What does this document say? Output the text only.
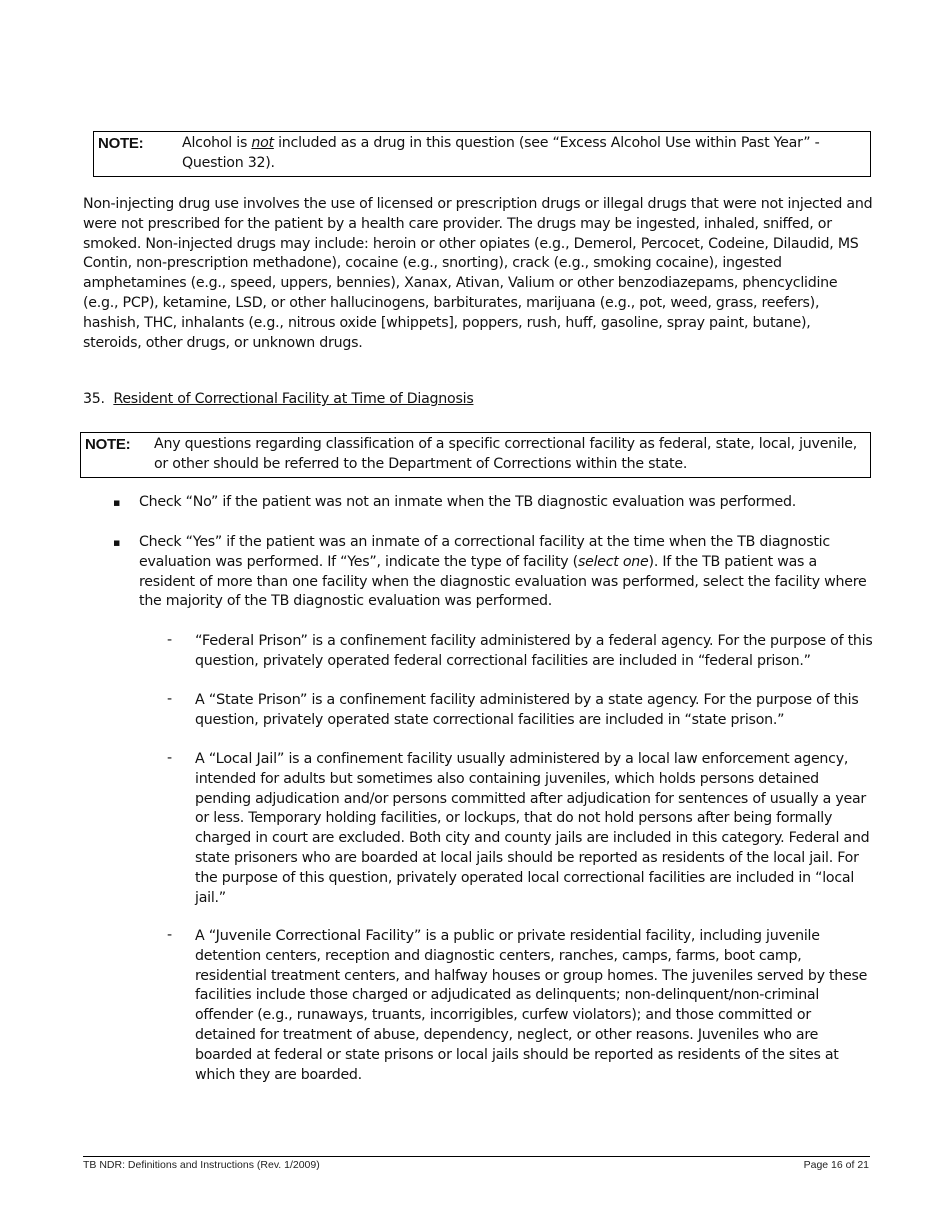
NOTE:	Alcohol is not included as a drug in this question (see “Excess Alcohol Use within Past Year” - Question 32).

Non-injecting drug use involves the use of licensed or prescription drugs or illegal drugs that were not injected and were not prescribed for the patient by a health care provider. The drugs may be ingested, inhaled, sniffed, or smoked. Non-injected drugs may include: heroin or other opiates (e.g., Demerol, Percocet, Codeine, Dilaudid, MS Contin, non-prescription methadone), cocaine (e.g., snorting), crack (e.g., smoking cocaine), ingested amphetamines (e.g., speed, uppers, bennies), Xanax, Ativan, Valium or other benzodiazepams, phencyclidine (e.g., PCP), ketamine, LSD, or other hallucinogens, barbiturates, marijuana (e.g., pot, weed, grass, reefers), hashish, THC, inhalants (e.g., nitrous oxide [whippets], poppers, rush, huff, gasoline, spray paint, butane), steroids, other drugs, or unknown drugs.

35. Resident of Correctional Facility at Time of Diagnosis

NOTE:	Any questions regarding classification of a specific correctional facility as federal, state, local, juvenile, or other should be referred to the Department of Corrections within the state.
▪	Check “No” if the patient was not an inmate when the TB diagnostic evaluation was performed.
▪	Check “Yes” if the patient was an inmate of a correctional facility at the time when the TB diagnostic evaluation was performed. If “Yes”, indicate the type of facility (select one). If the TB patient was a resident of more than one facility when the diagnostic evaluation was performed, select the facility where the majority of the TB diagnostic evaluation was performed.
-	“Federal Prison” is a confinement facility administered by a federal agency. For the purpose of this question, privately operated federal correctional facilities are included in “federal prison.”
-	A “State Prison” is a confinement facility administered by a state agency. For the purpose of this question, privately operated state correctional facilities are included in “state prison.”
-	A “Local Jail” is a confinement facility usually administered by a local law enforcement agency, intended for adults but sometimes also containing juveniles, which holds persons detained pending adjudication and/or persons committed after adjudication for sentences of usually a year or less. Temporary holding facilities, or lockups, that do not hold persons after being formally charged in court are excluded. Both city and county jails are included in this category. Federal and state prisoners who are boarded at local jails should be reported as residents of the local jail. For the purpose of this question, privately operated local correctional facilities are included in “local jail.”
-	A “Juvenile Correctional Facility” is a public or private residential facility, including juvenile detention centers, reception and diagnostic centers, ranches, camps, farms, boot camp, residential treatment centers, and halfway houses or group homes. The juveniles served by these facilities include those charged or adjudicated as delinquents; non-delinquent/non-criminal offender (e.g., runaways, truants, incorrigibles, curfew violators); and those committed or detained for treatment of abuse, dependency, neglect, or other reasons. Juveniles who are boarded at federal or state prisons or local jails should be reported as residents of the sites at which they are boarded.
TB NDR: Definitions and Instructions (Rev. 1/2009)	Page 16 of 21
